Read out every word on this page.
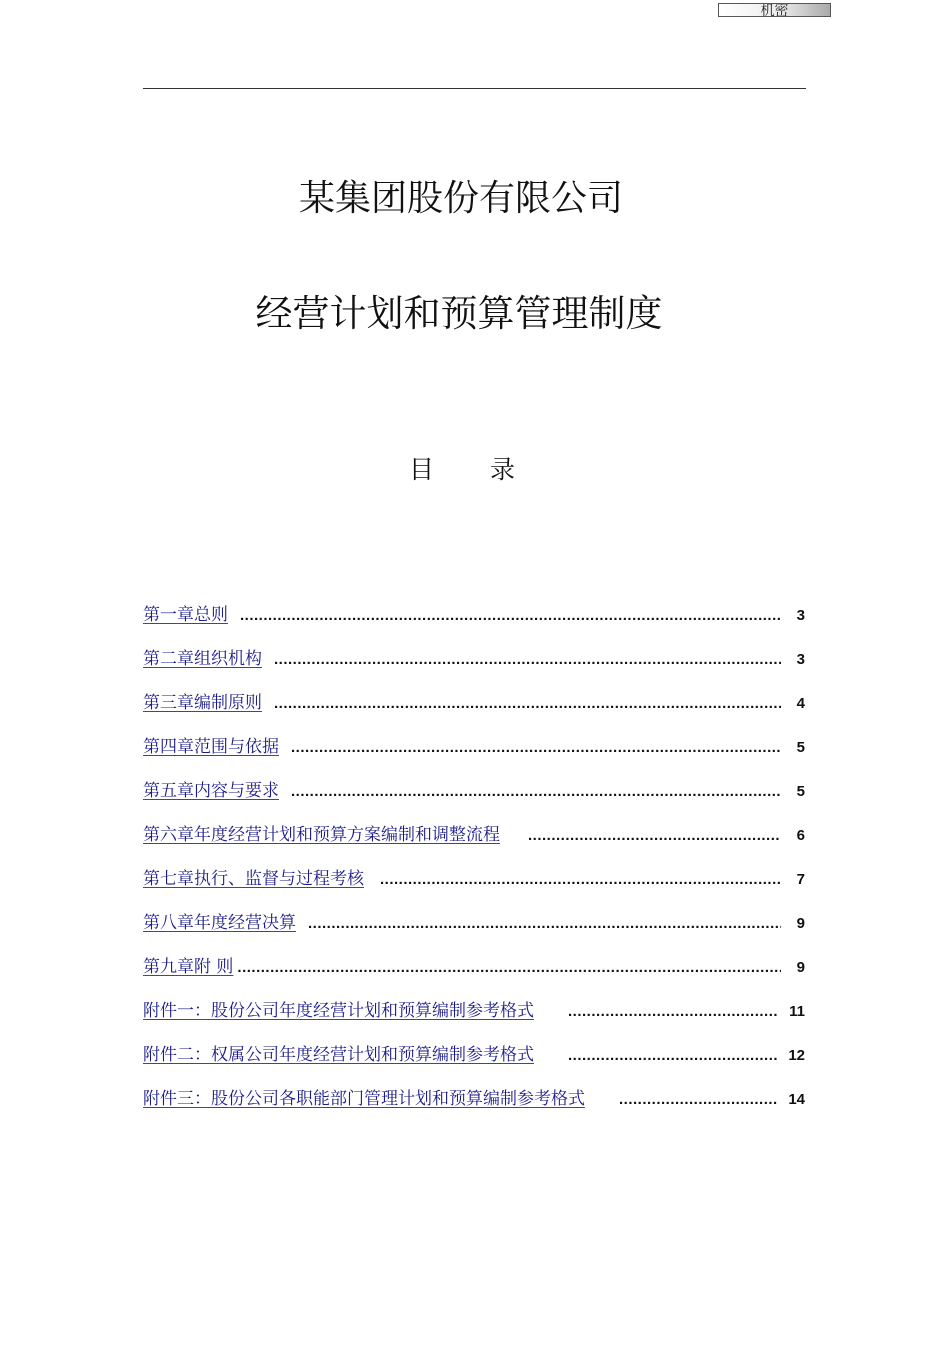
机密
某集团股份有限公司
经营计划和预算管理制度
目录
第一章 总则 .....	3
第二章 组织机构 .....	3
第三章 编制原则 .....	4
第四章 范围与依据 .....	5
第五章 内容与要求 .....	5
第六章 年度经营计划和预算方案编制和调整流程 .....	6
第七章 执行、监督与过程考核 .....	7
第八章 年度经营决算 .....	9
第九章 附 则 .....	9
附件一：股份公司年度经营计划和预算编制参考格式 .....	11
附件二：权属公司年度经营计划和预算编制参考格式 .....	12
附件三：股份公司各职能部门管理计划和预算编制参考格式 .....	14
